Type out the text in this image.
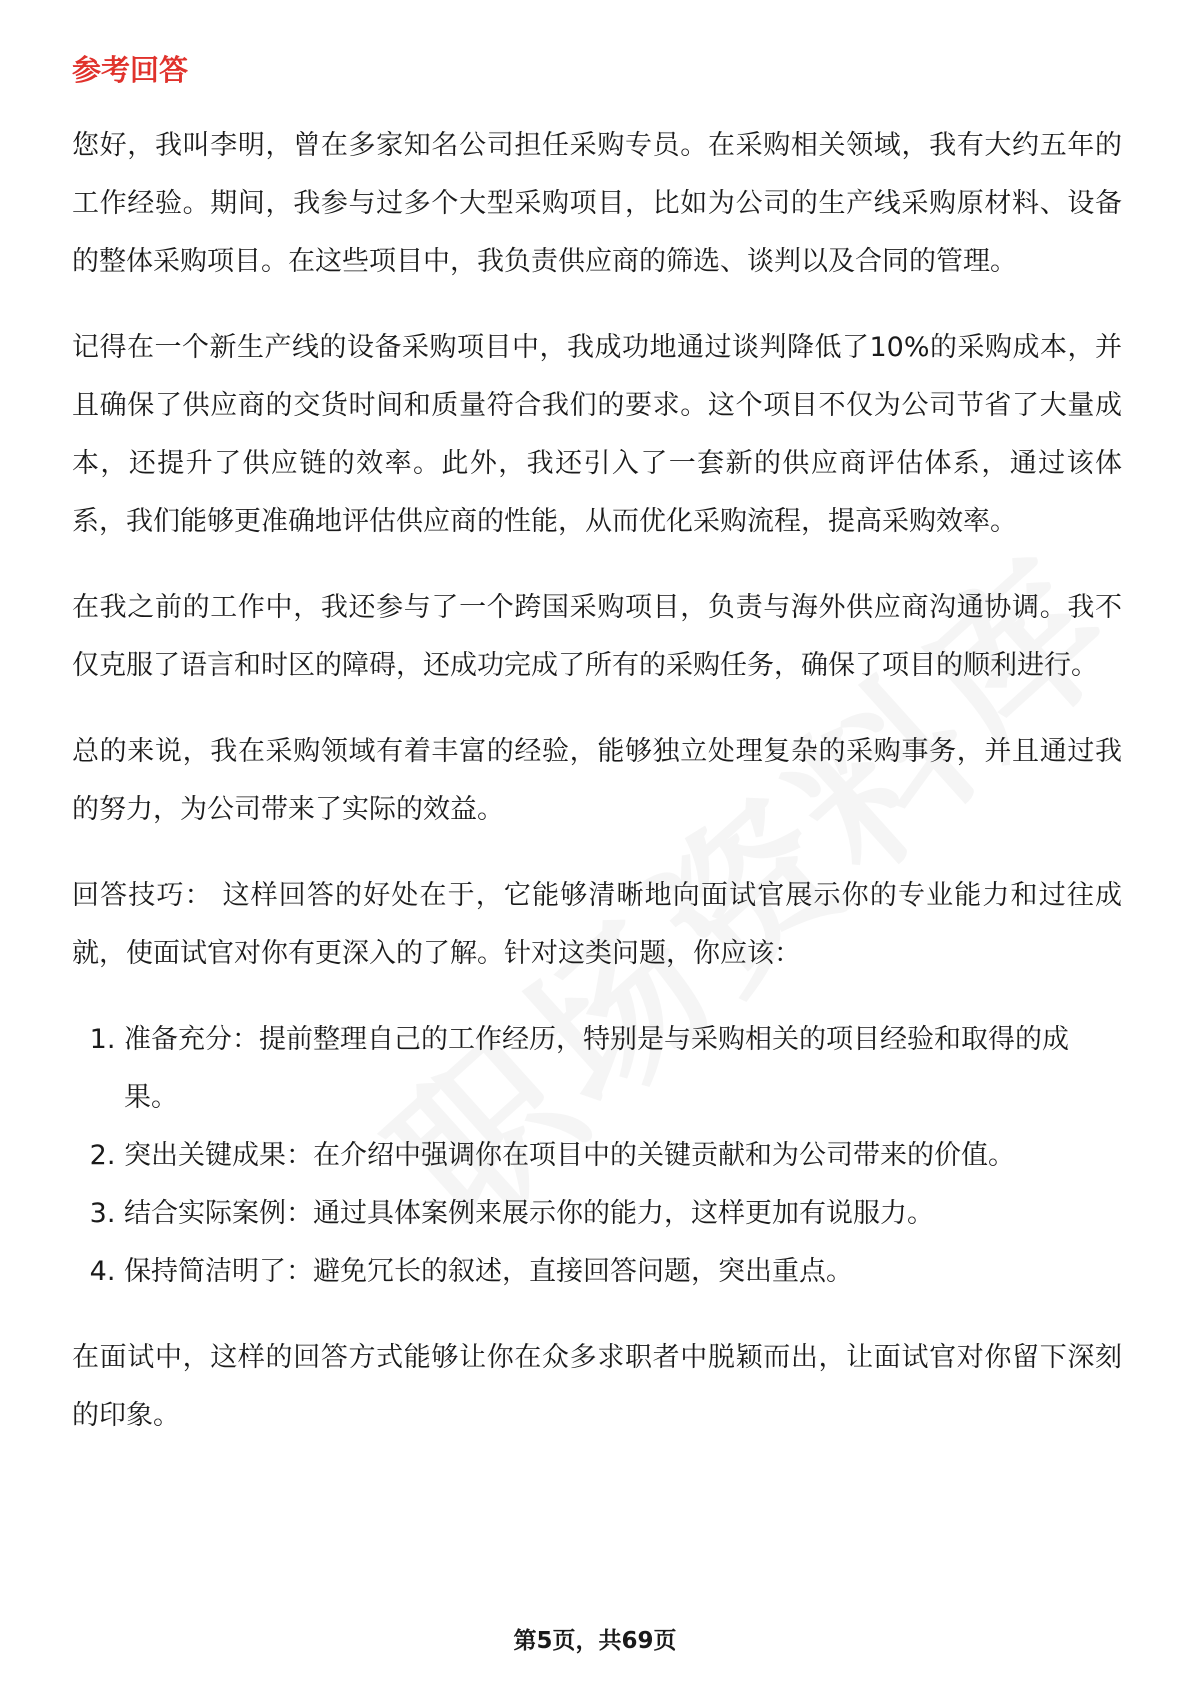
参考回答

您好，我叫李明，曾在多家知名公司担任采购专员。在采购相关领域，我有大约五年的工作经验。期间，我参与过多个大型采购项目，比如为公司的生产线采购原材料、设备的整体采购项目。在这些项目中，我负责供应商的筛选、谈判以及合同的管理。

记得在一个新生产线的设备采购项目中，我成功地通过谈判降低了10%的采购成本，并且确保了供应商的交货时间和质量符合我们的要求。这个项目不仅为公司节省了大量成本，还提升了供应链的效率。此外，我还引入了一套新的供应商评估体系，通过该体系，我们能够更准确地评估供应商的性能，从而优化采购流程，提高采购效率。

在我之前的工作中，我还参与了一个跨国采购项目，负责与海外供应商沟通协调。我不仅克服了语言和时区的障碍，还成功完成了所有的采购任务，确保了项目的顺利进行。

总的来说，我在采购领域有着丰富的经验，能够独立处理复杂的采购事务，并且通过我的努力，为公司带来了实际的效益。

回答技巧： 这样回答的好处在于，它能够清晰地向面试官展示你的专业能力和过往成就，使面试官对你有更深入的了解。针对这类问题，你应该：

1. 准备充分：提前整理自己的工作经历，特别是与采购相关的项目经验和取得的成果。
2. 突出关键成果：在介绍中强调你在项目中的关键贡献和为公司带来的价值。
3. 结合实际案例：通过具体案例来展示你的能力，这样更加有说服力。
4. 保持简洁明了：避免冗长的叙述，直接回答问题，突出重点。

在面试中，这样的回答方式能够让你在众多求职者中脱颖而出，让面试官对你留下深刻的印象。

第5页，共69页
